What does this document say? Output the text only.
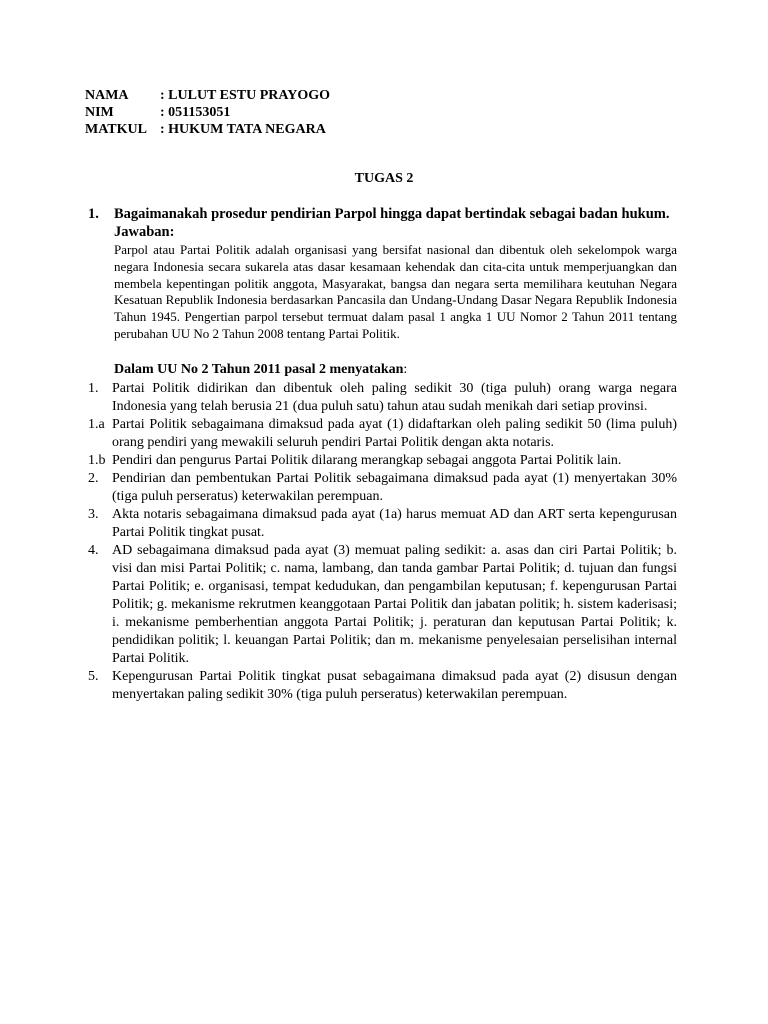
NAMA : LULUT ESTU PRAYOGO
NIM	: 051153051
MATKUL : HUKUM TATA NEGARA
TUGAS 2
1.	Bagaimanakah prosedur pendirian Parpol hingga dapat bertindak sebagai badan hukum.
Jawaban:
Parpol atau Partai Politik adalah organisasi yang bersifat nasional dan dibentuk oleh sekelompok warga negara Indonesia secara sukarela atas dasar kesamaan kehendak dan cita-cita untuk memperjuangkan dan membela kepentingan politik anggota, Masyarakat, bangsa dan negara serta memilihara keutuhan Negara Kesatuan Republik Indonesia berdasarkan Pancasila dan Undang-Undang Dasar Negara Republik Indonesia Tahun 1945. Pengertian parpol tersebut termuat dalam pasal 1 angka 1 UU Nomor 2 Tahun 2011 tentang perubahan UU No 2 Tahun 2008 tentang Partai Politik.
Dalam UU No 2 Tahun 2011 pasal 2 menyatakan:
1. Partai Politik didirikan dan dibentuk oleh paling sedikit 30 (tiga puluh) orang warga negara Indonesia yang telah berusia 21 (dua puluh satu) tahun atau sudah menikah dari setiap provinsi.
1.a Partai Politik sebagaimana dimaksud pada ayat (1) didaftarkan oleh paling sedikit 50 (lima puluh) orang pendiri yang mewakili seluruh pendiri Partai Politik dengan akta notaris.
1.b Pendiri dan pengurus Partai Politik dilarang merangkap sebagai anggota Partai Politik lain.
2. Pendirian dan pembentukan Partai Politik sebagaimana dimaksud pada ayat (1) menyertakan 30% (tiga puluh perseratus) keterwakilan perempuan.
3. Akta notaris sebagaimana dimaksud pada ayat (1a) harus memuat AD dan ART serta kepengurusan Partai Politik tingkat pusat.
4. AD sebagaimana dimaksud pada ayat (3) memuat paling sedikit: a. asas dan ciri Partai Politik; b. visi dan misi Partai Politik; c. nama, lambang, dan tanda gambar Partai Politik; d. tujuan dan fungsi Partai Politik; e. organisasi, tempat kedudukan, dan pengambilan keputusan; f. kepengurusan Partai Politik; g. mekanisme rekrutmen keanggotaan Partai Politik dan jabatan politik; h. sistem kaderisasi; i. mekanisme pemberhentian anggota Partai Politik; j. peraturan dan keputusan Partai Politik; k. pendidikan politik; l. keuangan Partai Politik; dan m. mekanisme penyelesaian perselisihan internal Partai Politik.
5. Kepengurusan Partai Politik tingkat pusat sebagaimana dimaksud pada ayat (2) disusun dengan menyertakan paling sedikit 30% (tiga puluh perseratus) keterwakilan perempuan.
